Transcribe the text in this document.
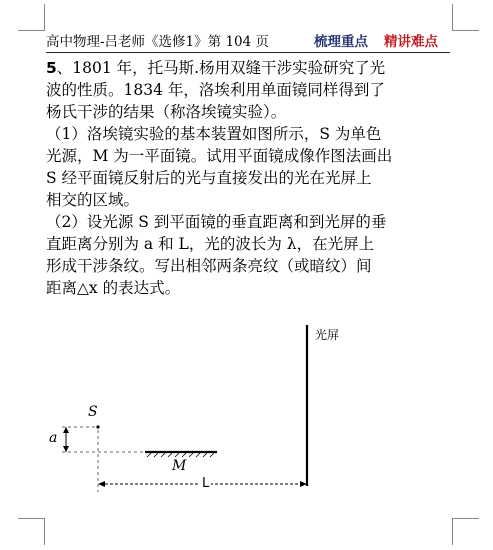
高中物理-吕老师《选修1》第 104 页	梳理重点 精讲难点
5、1801 年，托马斯.杨用双缝干涉实验研究了光
波的性质。1834 年，洛埃利用单面镜同样得到了
杨氏干涉的结果（称洛埃镜实验）。
（1）洛埃镜实验的基本装置如图所示，S 为单色
光源，M 为一平面镜。试用平面镜成像作图法画出
S 经平面镜反射后的光与直接发出的光在光屏上
相交的区域。
（2）设光源 S 到平面镜的垂直距离和到光屏的垂
直距离分别为 a 和 L，光的波长为 λ，在光屏上
形成干涉条纹。写出相邻两条亮纹（或暗纹）间
距离△x 的表达式。
光屏
S
a
M
L
